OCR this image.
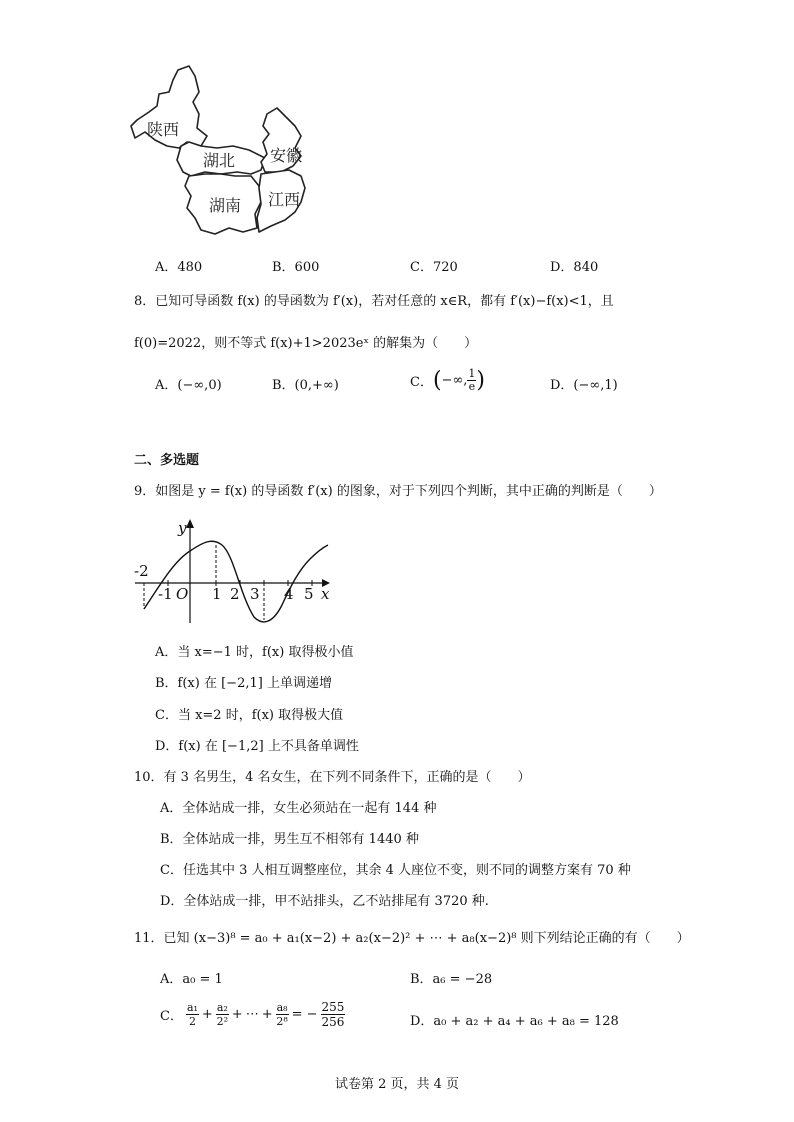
陕西
湖北 安徽
湖南 江西
A．480	B．600	C．720	D．840
8．已知可导函数 f(x) 的导函数为 f′(x)，若对任意的 x∈R，都有 f′(x)−f(x)<1，且
f(0)=2022，则不等式 f(x)+1>2023eˣ 的解集为（　　）
A．(−∞,0)	B．(0,+∞)	C．(−∞, $\frac{1}{e}$ )	D．(−∞,1)
二、多选题
9．如图是 y = f(x) 的导函数 f′(x) 的图象，对于下列四个判断，其中正确的判断是（　　）
y
x
O
-2
-1	1 2 3 4 5
A．当 x=−1 时，f(x) 取得极小值
B．f(x) 在 [−2,1] 上单调递增
C．当 x=2 时，f(x) 取得极大值
D．f(x) 在 [−1,2] 上不具备单调性
10．有 3 名男生，4 名女生，在下列不同条件下，正确的是（　　）
A．全体站成一排，女生必须站在一起有 144 种
B．全体站成一排，男生互不相邻有 1440 种
C．任选其中 3 人相互调整座位，其余 4 人座位不变，则不同的调整方案有 70 种
D．全体站成一排，甲不站排头，乙不站排尾有 3720 种.
11．已知 (x−3)⁸ = a₀ + a₁(x−2) + a₂(x−2)² + ⋯ + a₈(x−2)⁸ 则下列结论正确的有（　　）
A．a₀ = 1	B．a₆ = −28
C．
a₁
$2 + \frac{\text{a₂}}{\text{2²}}$ + ⋯ + $\frac{\text{a₈}}{\text{2⁸}}$ = − $\frac{255}{256}$	D．a₀ + a₂ + a₄ + a₆ + a₈ = 128
试卷第 2 页，共 4 页
